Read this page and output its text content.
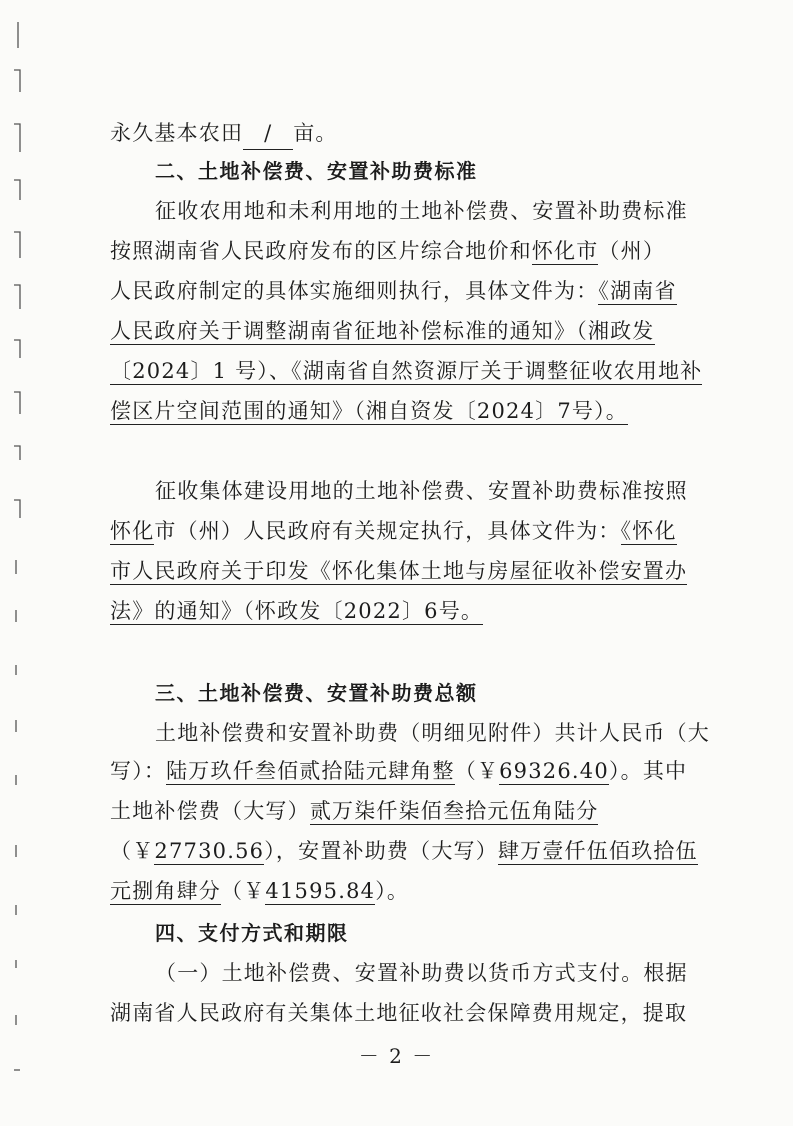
永久基本农田 / 亩。
二、土地补偿费、安置补助费标准
征收农用地和未利用地的土地补偿费、安置补助费标准
按照湖南省人民政府发布的区片综合地价和怀化市（州）
人民政府制定的具体实施细则执行，具体文件为：《湖南省
人民政府关于调整湖南省征地补偿标准的通知》（湘政发
〔2024〕1 号）、《湖南省自然资源厅关于调整征收农用地补
偿区片空间范围的通知》（湘自资发〔2024〕7号）。
征收集体建设用地的土地补偿费、安置补助费标准按照
怀化市（州）人民政府有关规定执行，具体文件为：《怀化
市人民政府关于印发《怀化集体土地与房屋征收补偿安置办
法》的通知》（怀政发〔2022〕6号。
三、土地补偿费、安置补助费总额
土地补偿费和安置补助费（明细见附件）共计人民币（大
写）：陆万玖仟叁佰贰拾陆元肆角整（￥69326.40）。其中
土地补偿费（大写）贰万柒仟柒佰叁拾元伍角陆分
（￥27730.56），安置补助费（大写）肆万壹仟伍佰玖拾伍
元捌角肆分（￥41595.84）。
四、支付方式和期限
（一）土地补偿费、安置补助费以货币方式支付。根据
湖南省人民政府有关集体土地征收社会保障费用规定，提取
－ 2 －
